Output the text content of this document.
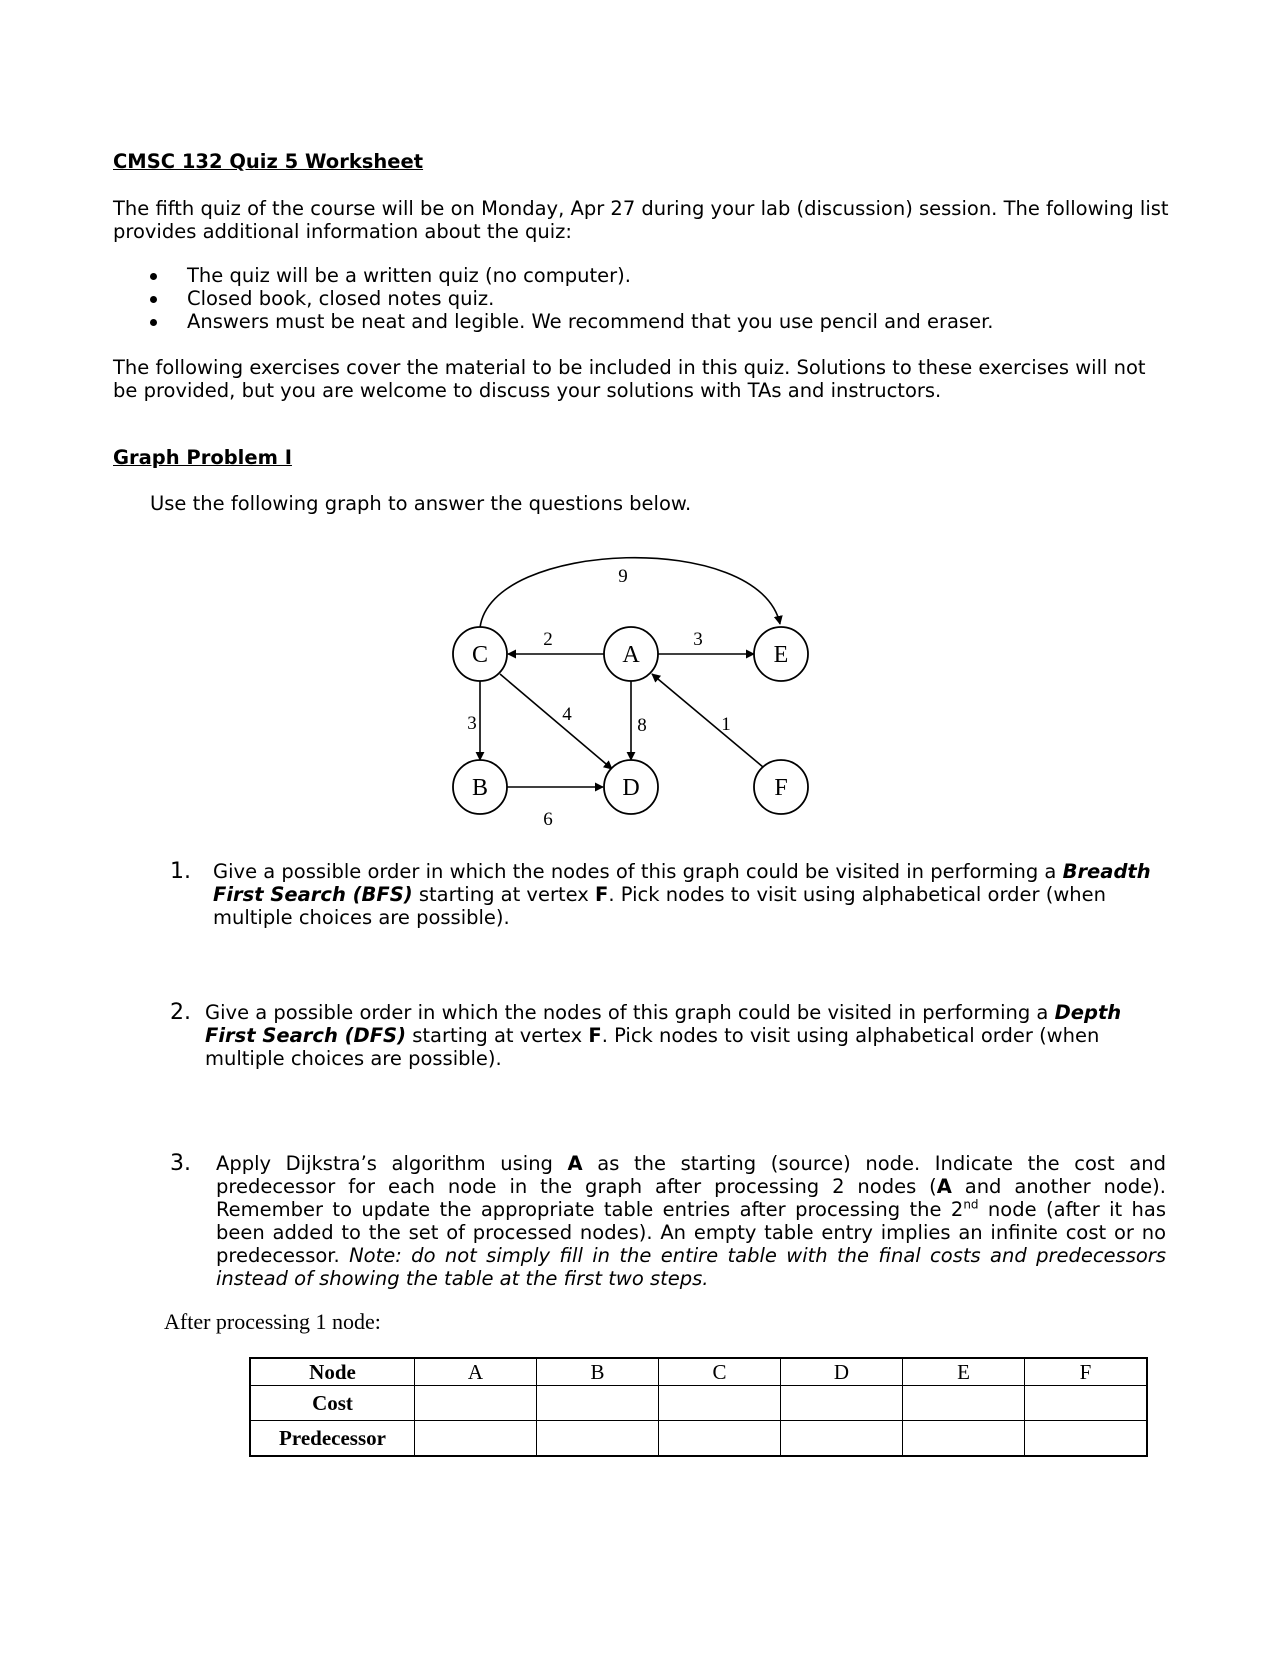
CMSC 132 Quiz 5 Worksheet
The fifth quiz of the course will be on Monday, Apr 27 during your lab (discussion) session. The following list provides additional information about the quiz:
The quiz will be a written quiz (no computer).
Closed book, closed notes quiz.
Answers must be neat and legible. We recommend that you use pencil and eraser.
The following exercises cover the material to be included in this quiz. Solutions to these exercises will not be provided, but you are welcome to discuss your solutions with TAs and instructors.
Graph Problem I
Use the following graph to answer the questions below.
C	A	E
B	D	F
9
2	3
3	4
8	1
6
1. Give a possible order in which the nodes of this graph could be visited in performing a Breadth First Search (BFS) starting at vertex F. Pick nodes to visit using alphabetical order (when multiple choices are possible).
2. Give a possible order in which the nodes of this graph could be visited in performing a Depth First Search (DFS) starting at vertex F. Pick nodes to visit using alphabetical order (when multiple choices are possible).
3. Apply Dijkstra’s algorithm using A as the starting (source) node. Indicate the cost and predecessor for each node in the graph after processing 2 nodes (A and another node). Remember to update the appropriate table entries after processing the 2nd node (after it has been added to the set of processed nodes). An empty table entry implies an infinite cost or no predecessor. Note: do not simply fill in the entire table with the final costs and predecessors instead of showing the table at the first two steps.
After processing 1 node:
Node	A	B	C	D	E	F
Cost						
Predecessor						
